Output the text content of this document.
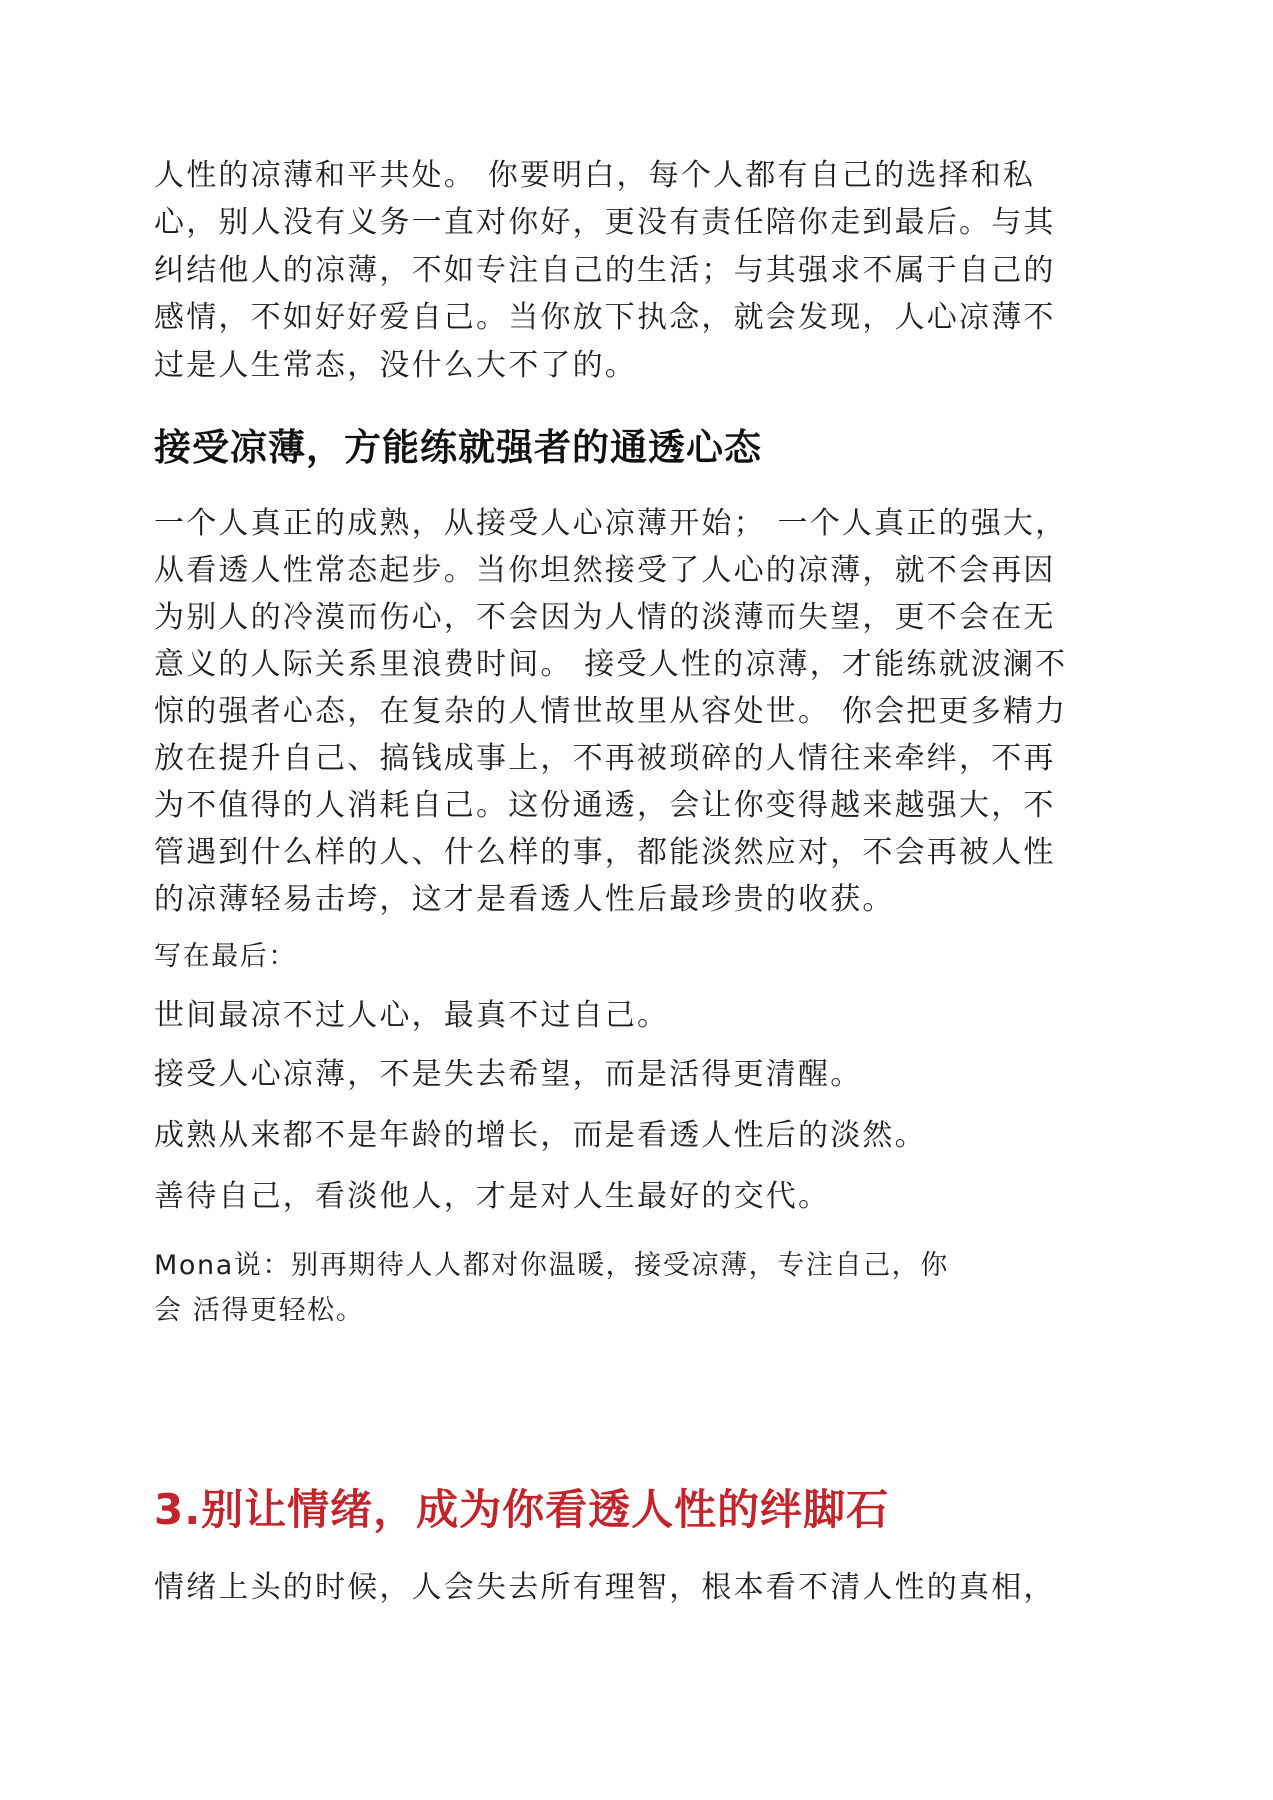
人性的凉薄和平共处。 你要明白，每个人都有自己的选择和私
心，别人没有义务一直对你好，更没有责任陪你走到最后。与其
纠结他人的凉薄，不如专注自己的生活；与其强求不属于自己的
感情，不如好好爱自己。当你放下执念，就会发现，人心凉薄不
过是人生常态，没什么大不了的。
接受凉薄，方能练就强者的通透心态
一个人真正的成熟，从接受人心凉薄开始； 一个人真正的强大，
从看透人性常态起步。当你坦然接受了人心的凉薄，就不会再因
为别人的冷漠而伤心，不会因为人情的淡薄而失望，更不会在无
意义的人际关系里浪费时间。 接受人性的凉薄，才能练就波澜不
惊的强者心态，在复杂的人情世故里从容处世。 你会把更多精力
放在提升自己、搞钱成事上，不再被琐碎的人情往来牵绊，不再
为不值得的人消耗自己。这份通透，会让你变得越来越强大，不
管遇到什么样的人、什么样的事，都能淡然应对，不会再被人性
的凉薄轻易击垮，这才是看透人性后最珍贵的收获。
写在最后：
世间最凉不过人心，最真不过自己。
接受人心凉薄，不是失去希望，而是活得更清醒。
成熟从来都不是年龄的增长，而是看透人性后的淡然。
善待自己，看淡他人，才是对人生最好的交代。
Mona说：别再期待人人都对你温暖，接受凉薄，专注自己，你
会 活得更轻松。
3.别让情绪，成为你看透人性的绊脚石
情绪上头的时候，人会失去所有理智，根本看不清人性的真相，
